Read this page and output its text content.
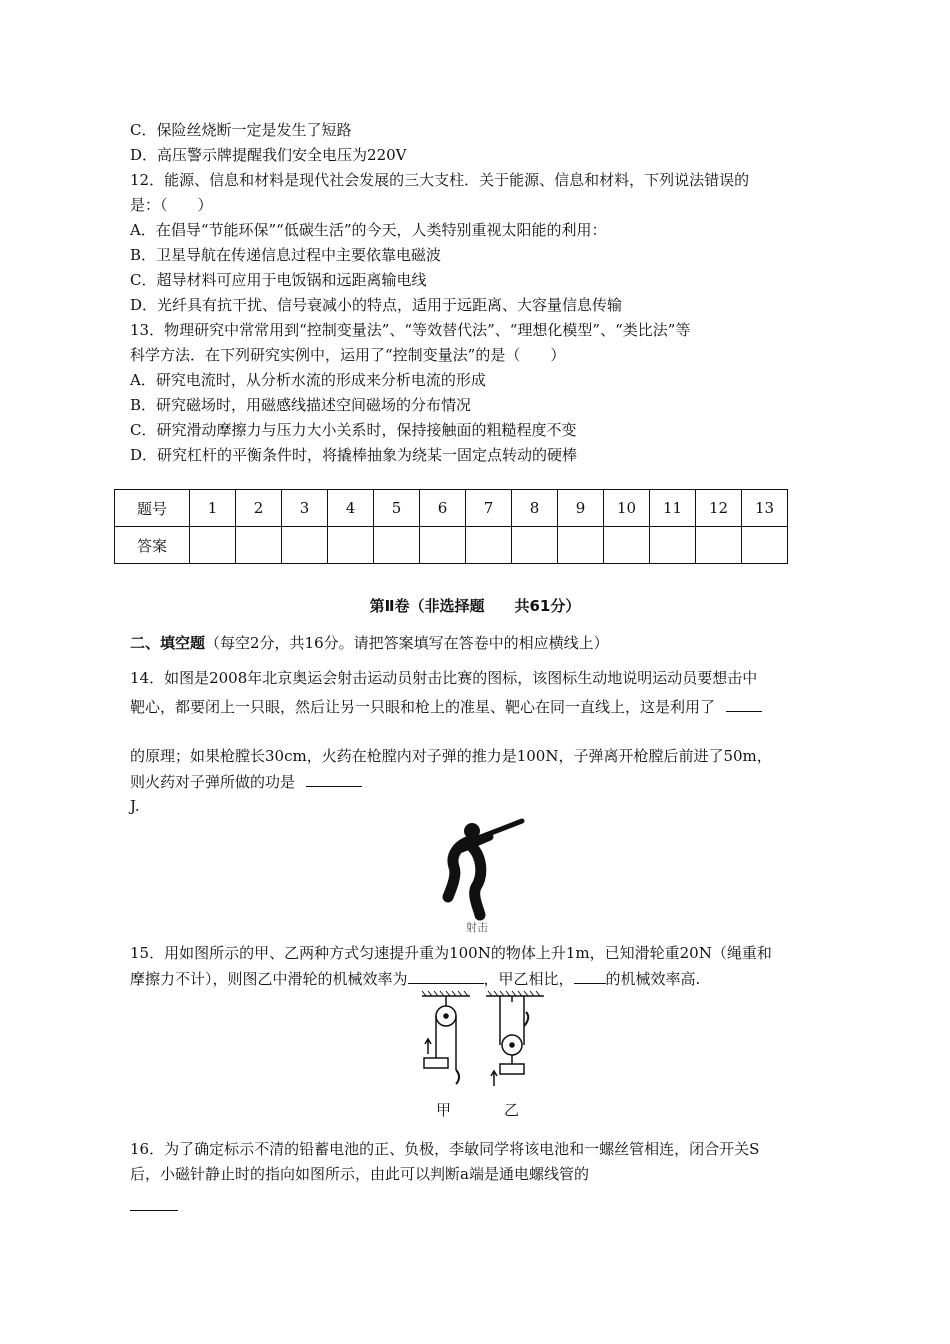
C．保险丝烧断一定是发生了短路
D．高压警示牌提醒我们安全电压为220V
12．能源、信息和材料是现代社会发展的三大支柱．关于能源、信息和材料，下列说法错误的
是：（　　）
A．在倡导“节能环保”“低碳生活”的今天，人类特别重视太阳能的利用：
B．卫星导航在传递信息过程中主要依靠电磁波
C．超导材料可应用于电饭锅和远距离输电线
D．光纤具有抗干扰、信号衰减小的特点，适用于远距离、大容量信息传输
13．物理研究中常常用到“控制变量法”、“等效替代法”、“理想化模型”、“类比法”等
科学方法．在下列研究实例中，运用了“控制变量法”的是（　　）
A．研究电流时，从分析水流的形成来分析电流的形成
B．研究磁场时，用磁感线描述空间磁场的分布情况
C．研究滑动摩擦力与压力大小关系时，保持接触面的粗糙程度不变
D．研究杠杆的平衡条件时，将撬棒抽象为绕某一固定点转动的硬棒
题号	1	2	3	4	5	6	7	8	9	10	11	12	13
答案													
第Ⅱ卷（非选择题　　共61分）
二、填空题（每空2分，共16分。请把答案填写在答卷中的相应横线上）
14．如图是2008年北京奥运会射击运动员射击比赛的图标，该图标生动地说明运动员要想击中
靶心，都要闭上一只眼，然后让另一只眼和枪上的准星、靶心在同一直线上，这是利用了
的原理；如果枪膛长30cm，火药在枪膛内对子弹的推力是100N，子弹离开枪膛后前进了50m，
则火药对子弹所做的功是
J.
射击
15．用如图所示的甲、乙两种方式匀速提升重为100N的物体上升1m，已知滑轮重20N（绳重和
摩擦力不计），则图乙中滑轮的机械效率为	，甲乙相比， 的机械效率高.
甲	乙
16．为了确定标示不清的铅蓄电池的正、负极，李敏同学将该电池和一螺丝管相连，闭合开关S
后，小磁针静止时的指向如图所示，由此可以判断a端是通电螺线管的
